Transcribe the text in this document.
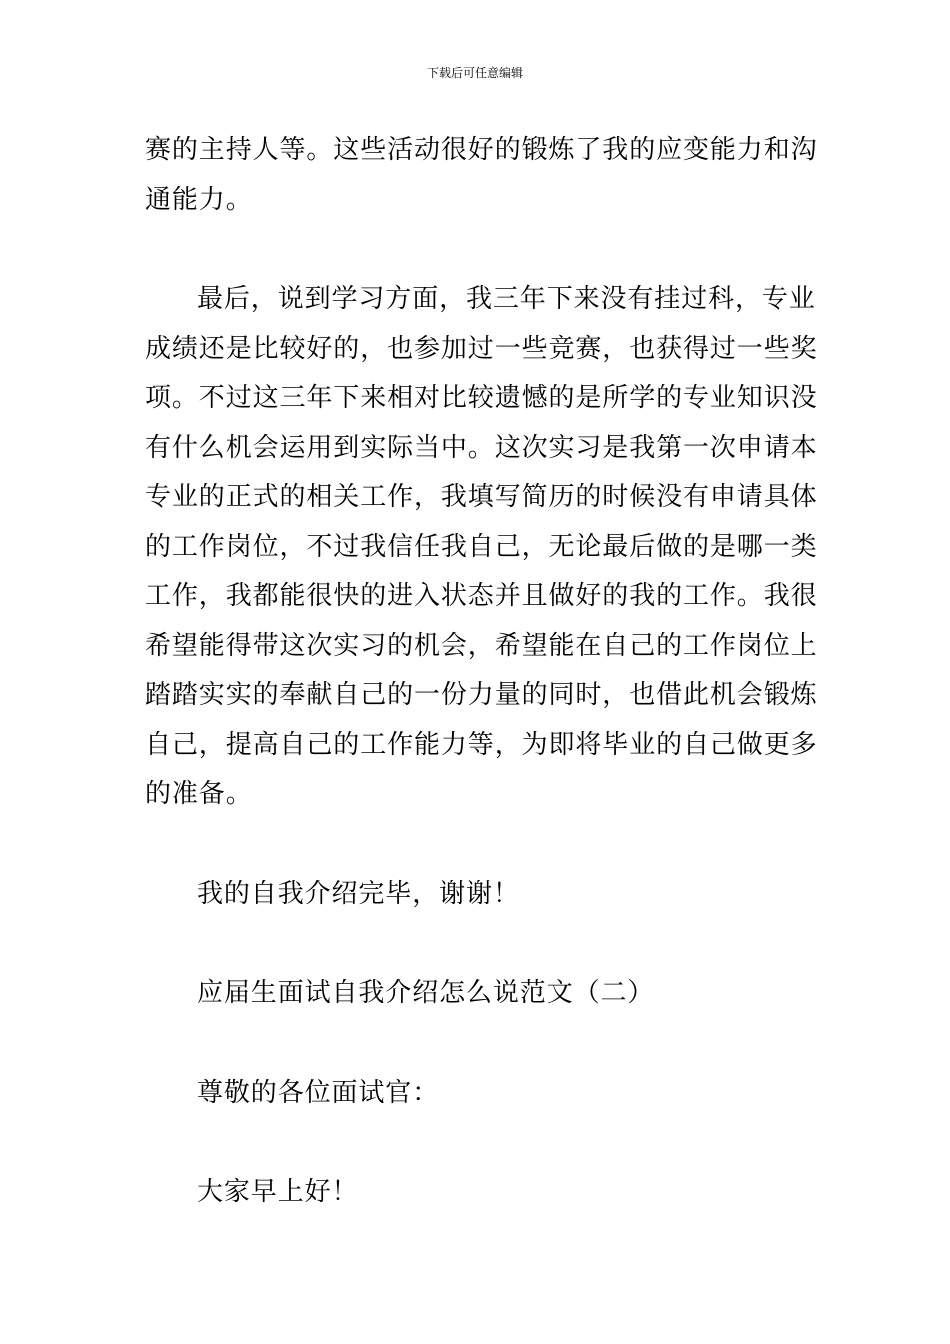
下载后可任意编辑
赛的主持人等。这些活动很好的锻炼了我的应变能力和沟
通能力。
最后，说到学习方面，我三年下来没有挂过科，专业
成绩还是比较好的，也参加过一些竞赛，也获得过一些奖
项。不过这三年下来相对比较遗憾的是所学的专业知识没
有什么机会运用到实际当中。这次实习是我第一次申请本
专业的正式的相关工作，我填写简历的时候没有申请具体
的工作岗位，不过我信任我自己，无论最后做的是哪一类
工作，我都能很快的进入状态并且做好的我的工作。我很
希望能得带这次实习的机会，希望能在自己的工作岗位上
踏踏实实的奉献自己的一份力量的同时，也借此机会锻炼
自己，提高自己的工作能力等，为即将毕业的自己做更多
的准备。
我的自我介绍完毕，谢谢！
应届生面试自我介绍怎么说范文（二）
尊敬的各位面试官：
大家早上好！
